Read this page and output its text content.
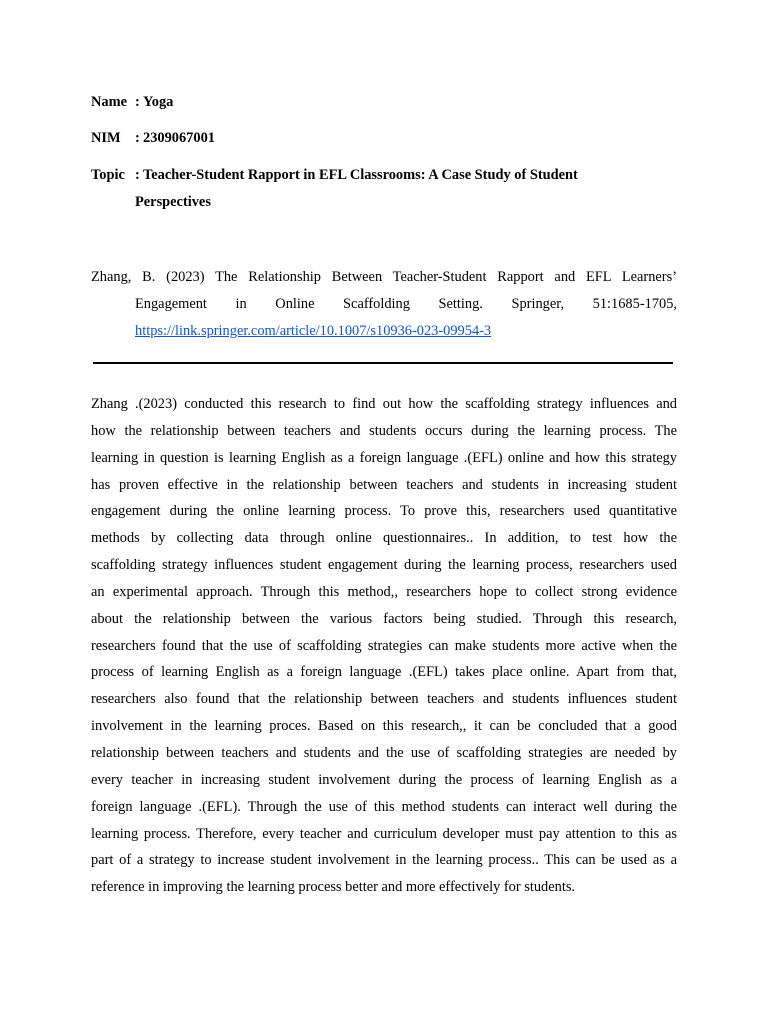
Name : Yoga
NIM : 2309067001
Topic : Teacher-Student Rapport in EFL Classrooms: A Case Study of Student
Perspectives
Zhang, B. (2023) The Relationship Between Teacher-Student Rapport and EFL Learners’
Engagement in Online Scaffolding Setting. Springer, 51:1685-1705,
https://link.springer.com/article/10.1007/s10936-023-09954-3
Zhang .(2023) conducted this research to find out how the scaffolding strategy influences and
how the relationship between teachers and students occurs during the learning process. The
learning in question is learning English as a foreign language .(EFL) online and how this strategy
has proven effective in the relationship between teachers and students in increasing student
engagement during the online learning process. To prove this, researchers used quantitative
methods by collecting data through online questionnaires.. In addition, to test how the
scaffolding strategy influences student engagement during the learning process, researchers used
an experimental approach. Through this method,, researchers hope to collect strong evidence
about the relationship between the various factors being studied. Through this research,
researchers found that the use of scaffolding strategies can make students more active when the
process of learning English as a foreign language .(EFL) takes place online. Apart from that,
researchers also found that the relationship between teachers and students influences student
involvement in the learning proces. Based on this research,, it can be concluded that a good
relationship between teachers and students and the use of scaffolding strategies are needed by
every teacher in increasing student involvement during the process of learning English as a
foreign language .(EFL). Through the use of this method students can interact well during the
learning process. Therefore, every teacher and curriculum developer must pay attention to this as
part of a strategy to increase student involvement in the learning process.. This can be used as a
reference in improving the learning process better and more effectively for students.
